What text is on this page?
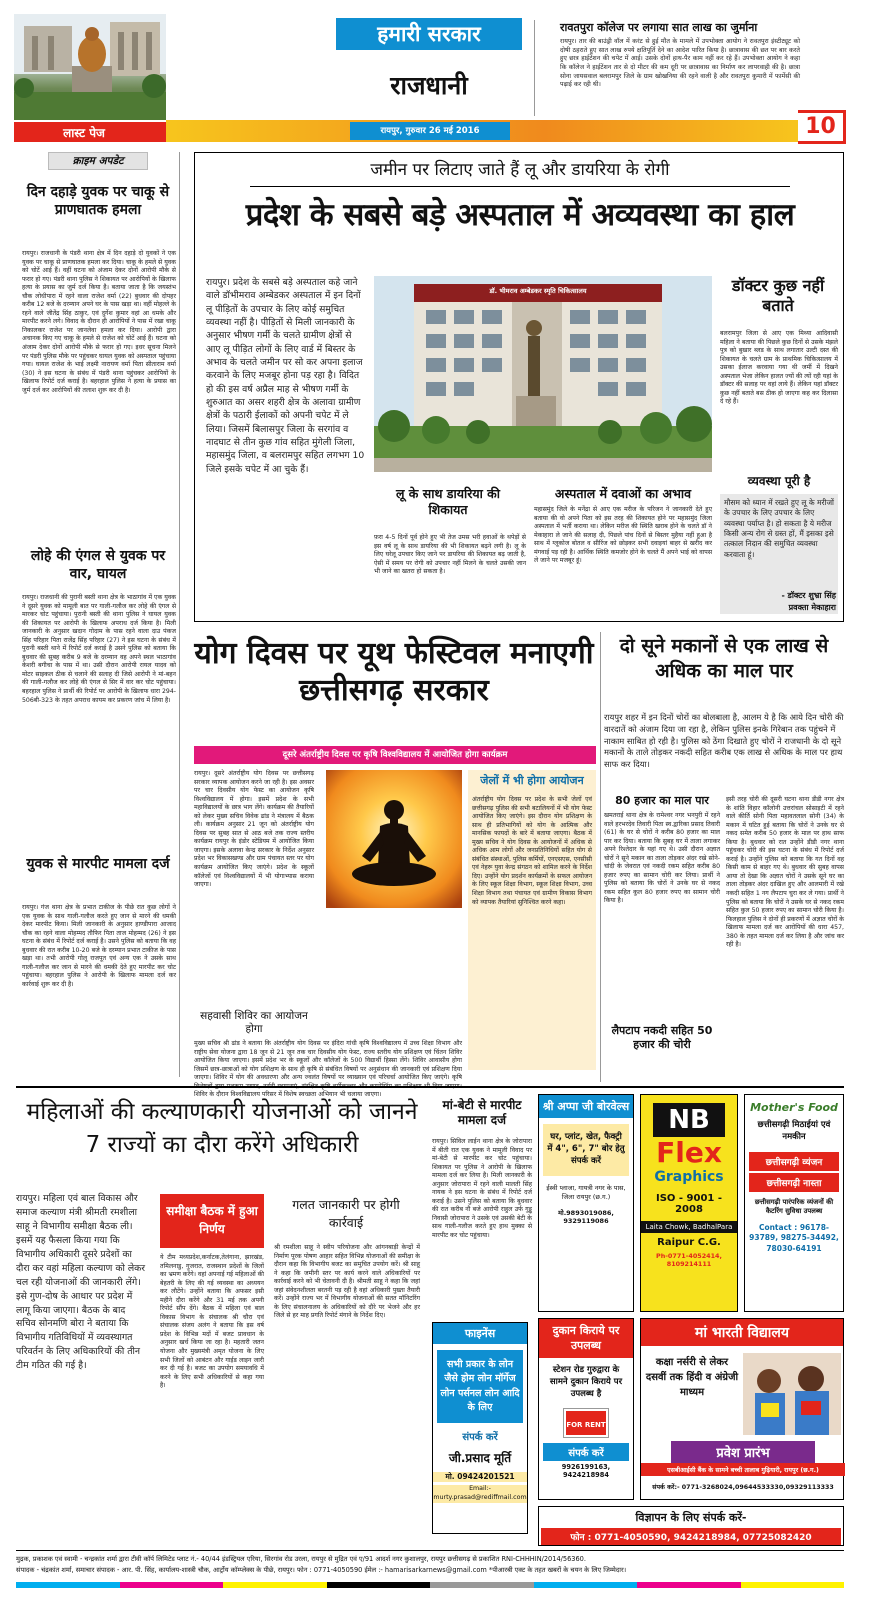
लास्ट पेज
हमारी सरकार
राजधानी
रायपुर, गुरुवार 26 मई 2016
रावतपुरा कॉलेज पर लगाया सात लाख का जुर्माना
रायपुर। तार की बाउंड्री वॉल में करंट से हुई मौत के मामले में उपभोक्ता आयोग ने रावतपुरा इंस्टीट्यूट को दोषी ठहराते हुए सात लाख रुपये क्षतिपूर्ति देने का आदेश पारित किया है। छात्रावास की छत पर बार करते हुए छात्र हाईटेंशन की चपेट में आई। उसके दोनों हाथ-पैर काम नहीं कर रहे हैं। उपभोक्ता आयोग ने कहा कि कॉलेज ने हाईटेंशन तार से दो मीटर की कम दूरी पर छात्रावास का निर्माण कर लापरवाही की है। छात्रा सोना जायसवाल बलरामपुर जिले के ग्राम खोखनिया की रहने वाली है और रावतपुरा कुमारी में फार्मेसी की पढ़ाई कर रही थी।
10
क्राइम अपडेट
दिन दहाड़े युवक पर चाकू से प्राणघातक हमला
रायपुर। राजधानी के पंडरी थाना क्षेत्र में दिन दहाड़े दो युवकों ने एक युवक पर चाकू से प्राणघातक हमला कर दिया। चाकू के हमले से युवक को चोटें आई हैं। वहीं घटना को अंजाम देकर दोनों आरोपी मौके से फरार हो गए। पंडरी थाना पुलिस ने शिकायत पर आरोपियों के खिलाफ हत्या के प्रयास का जुर्म दर्ज किया है। बताया जाता है कि जयस्तंभ चौक लोधीपारा में रहने वाला राजेश वर्मा (22) बुधवार की दोपहर करीब 12 बजे के दरम्यान अपने घर के पास खड़ा था। वहीं मोहल्ले के रहने वाले जीतेंद्र सिंह ठाकुर, एवं दुर्गेश कुमार वहां आ धमके और मारपीट करने लगे। विवाद के दौरान ही आरोपियों ने पास में रखा चाकू निकालकर राजेश पर जानलेवा हमला कर दिया। आरोपी द्वारा अचानक किए गए चाकू के हमले से राजेश को चोटें आई हैं। घटना को अंजाम देकर दोनों आरोपी मौके से फरार हो गए। इधर सूचना मिलने पर पंडरी पुलिस मौके पर पहुंचकर घायल युवक को अस्पताल पहुंचाया गया। घायल राजेश के भाई लक्ष्मी नारायण वर्मा पिता सीताराम वर्मा (30) ने इस घटना के संबंध में पंडरी थाना पहुंचकर आरोपियों के खिलाफ रिपोर्ट दर्ज कराई है। बहरहाल पुलिस ने हत्या के प्रयास का जुर्म दर्ज कर आरोपियों की तलाश शुरू कर दी है।
लोहे की एंगल से युवक पर वार, घायल
रायपुर। राजधानी की पुरानी बस्ती थाना क्षेत्र के भाठागांव में एक युवक ने दूसरे युवक को मामूली बात पर गाली-गलौज कर लोहे की एंगल से मारकर चोट पहुंचाया। पुरानी बस्ती की थाना पुलिस ने घायल युवक की शिकायत पर आरोपी के खिलाफ अपराध दर्ज किया है। मिली जानकारी के अनुसार खदान गोदाम के पास रहने वाला दाउ पंकज सिंह परिहार पिता राजेंद्र सिंह परिहार (27) ने इस घटना के संबंध में पुरानी बस्ती थाने में रिपोर्ट दर्ज कराई है उसने पुलिस को बताया कि बुधवार की सुबह करीब 9 बजे के दरम्यान वह अपने स्थल भाठागांव केशरी बगीचा के पास में था। उसी दौरान आरोपी रायल यादव को मोटर साइकल ठीक से चलाने की सलाह दी जिसे आरोपी ने मां-बहन की गाली-गलौज कर लोहे की एंगल से सिर में वार कर चोट पहुंचाया। बहरहाल पुलिस ने प्रार्थी की रिपोर्ट पर आरोपी के खिलाफ धारा 294-506बी-323 के तहत अपराध कायम कर प्रकरण जांच में लिया है।
युवक से मारपीट मामला दर्ज
रायपुर। गंज थाना क्षेत्र के प्रभात टाकीज के पीछे रात कुछ लोगों ने एक युवक के साथ गाली-गलौज करते हुए जान से मारने की धमकी देकर मारपीट किया। मिली जानकारी के अनुसार हाण्डीपारा आजाद चौक का रहने वाला मोहम्मद तौफिर पिता ताज मोहम्मद (26) ने इस घटना के संबंध में रिपोर्ट दर्ज कराई है। उसने पुलिस को बताया कि वह बुधवार की रात करीब 10-20 बजे के दरम्यान प्रभात टाकीज के पास खड़ा था। तभी आरोपी गोलू राजपूत एवं अन्य एक ने उसके साथ गाली-गलौज कर जान से मारने की धमकी देते हुए मारपीट कर चोट पहुंचाया। बहरहाल पुलिस ने आरोपी के खिलाफ मामला दर्ज कर कार्रवाई शुरू कर दी है।
जमीन पर लिटाए जाते हैं लू और डायरिया के रोगी
प्रदेश के सबसे बड़े अस्पताल में अव्यवस्था का हाल
रायपुर। प्रदेश के सबसे बड़े अस्पताल कहे जाने वाले डॉभीमराव अम्बेडकर अस्पताल में इन दिनों लू पीड़ितों के उपचार के लिए कोई समुचित व्यवस्था नहीं है। पीड़ितों से मिली जानकारी के अनुसार भीषण गर्मी के चलते ग्रामीण क्षेत्रों से आए लू पीड़ित लोगों के लिए वार्ड में बिस्तर के अभाव के चलते जमीन पर सो कर अपना इलाज करवाने के लिए मजबूर होना पड़ रहा है। विदित हो की इस वर्ष अप्रैल माह से भीषण गर्मी के शुरुआत का असर शहरी क्षेत्र के अलावा ग्रामीण क्षेत्रों के पठारी ईलाकों को अपनी चपेट में ले लिया। जिसमें बिलासपुर जिला के सरगांव व नादघाट से तीन कुछ गांव सहित मुंगेली जिला, महासमुंद जिला, व बलरामपुर सहित लगभग 10 जिले इसके चपेट में आ चुके हैं।
डॉ. भीमराव अम्बेडकर स्मृति चिकित्सालय
लू के साथ डायरिया की शिकायत
फ़रा 4-5 दिनों पूर्व होने हुए भी तेज उमस भरी हवाओं के थपेड़ों से इस वर्ष लू के साथ डायरिया की भी शिकायत बढ़ने लगी है। लू के लिए घरेलू उपचार किए जाने पर डायरिया की शिकायत बढ़ जाती है, ऐसी में समय पर रोगी को उपचार नहीं मिलने के चलते उसकी जान भी जाने का खतरा हो सकता है।
अस्पताल में दवाओं का अभाव
महासमुंद जिले के मनेंद्रा से आए एक मरीज के परिजन ने जानकारी देते हुए बताया की वो अपने पिता को इस तरह की शिकायत होने पर महासमुंद जिला अस्पताल में भर्ती कराया था। लेकिन मरीज की स्थिति खराब होने के चलते डॉ ने मेकाहारा ले जाने की सलाह दी, पिछले पांच दिनों से बिस्तर मुहैया नहीं हुआ है साथ में ग्लूकोज बोतल व सीरिंज को छोड़कर सभी दवाइयां बाहर से खरीद कर मंगवाई पड़ रही है। आर्थिक स्थिति कमजोर होने के चलते मैं अपने भाई को वापस ले जाने पर मजबूर हूं।
डॉक्टर कुछ नहीं बताते
बलरामपुर जिला से आए एक मिथ्या आदिवासी महिला ने बताया की पिछले कुछ दिनों से उसके मंझले पुत्र को बुखार ब्लड के साथ लगातार उल्टी दस्त की शिकायत के चलते ग्राम के प्राथमिक चिकित्सालय में उसका ईलाज करवाया गया थी जमीं में दिखने अस्पताल भेजा लेकिन हालत ज्यों की त्यों रही यहां के डॉक्टर की सलाह पर वहां लाये हैं। लेकिन यहां डॉक्टर कुछ नहीं बताते बस ठीक हो जाएगा कह कर दिलासा दे रहे हैं।
व्यवस्था पूरी है
मौसम को ध्यान में रखते हुए लू के मरीजों के उपचार के लिए उपचार के लिए व्यवस्था पर्याप्त है। हो सकता है ये मरीज किसी अन्य रोग से ग्रस्त हों, मैं इसका इसे तत्काल निदान की समुचित व्यवस्था करवाता हूं।
- डॉक्टर शुभ्रा सिंह
प्रवक्ता मेकाहारा
योग दिवस पर यूथ फेस्टिवल मनाएगी छत्तीसगढ़ सरकार
दूसरे अंतर्राष्ट्रीय दिवस पर कृषि विश्वविद्यालय में आयोजित होगा कार्यक्रम
रायपुर। दूसरे अंतर्राष्ट्रीय योग दिवस पर छत्तीसगढ़ सरकार व्यापक आयोजन करने जा रही है। इस अवसर पर चार दिवसीय योग फेस्ट का आयोजन कृषि विश्वविद्यालय में होगा। इसमें प्रदेश के सभी महाविद्यालयों के छात्र भाग लेंगे। कार्यक्रम की तैयारियों को लेकर मुख्य सचिव विवेक ढांड ने मंत्रालय में बैठक ली। कार्यक्रम अनुसार 21 जून को अंतर्राष्ट्रीय योग दिवस पर सुबह सात से आठ बजे तक राज्य स्तरीय कार्यक्रम रायपुर के इंडोर स्टेडियम में आयोजित किया जाएगा। इसके अलावा केन्द्र सरकार के निर्देश अनुसार प्रदेश भर विकासखण्ड और ग्राम पंचायत स्तर पर योग कार्यक्रम आयोजित किए जाएंगे। प्रदेश के स्कूलों कॉलेजों एवं विश्वविद्यालयों में भी योगाभ्यास कराया जाएगा।
सहवासी शिविर का आयोजन होगा
मुख्य सचिव श्री ढांड ने बताया कि अंतर्राष्ट्रीय योग दिवस पर इंदिरा गांधी कृषि विश्वविद्यालय में उच्च शिक्षा विभाग और राष्ट्रीय सेवा योजना द्वारा 18 जून से 21 जून तक चार दिवसीय योग फेस्ट, राज्य स्तरीय योग प्रशिक्षण एवं चिंतन शिविर आयोजित किया जाएगा। इसमें प्रदेश भर के स्कूलों और कॉलेजों के 500 विद्यार्थी हिस्सा लेंगे। शिविर आवासीय होगा जिसमें छात्र-छात्राओं को योग प्रशिक्षण के साथ ही कृषि से संबंधित विषयों पर अनुसंधान की जानकारी एवं प्रशिक्षण दिया जाएगा। शिविर में योग की अवधारणा और अन्य ज्वलंत विषयों पर व्याख्यान एवं परिचर्चा आयोजित किए जाएंगे। कृषि शिविर के दौरान विश्वविद्यालय परिसर में विशेष स्वच्छता अभियान भी चलाया जाएगा।
जेलों में भी होगा आयोजन
अंतर्राष्ट्रीय योग दिवस पर प्रदेश के सभी जेलों एवं छत्तीसगढ़ पुलिस की सभी बटालियनों में भी योग फेस्ट आयोजित किए जाएंगे। इस दौरान योग प्रशिक्षण के साथ ही प्रतिभागियों को योग के आत्मिक और मानसिक फायदों के बारे में बताया जाएगा। बैठक में मुख्य सचिव ने योग दिवस के आयोजनों में अधिक से अधिक आम लोगों और जनप्रतिनिधियों सहित योग से संबंधित संस्थाओं, पुलिस कर्मियों, एनएसएस, एनसीसी एवं नेहरू युवा केन्द्र संगठन को शामिल करने के निर्देश दिए। उन्होंने योग प्रदर्शन कार्यक्रमों के सफल आयोजन के लिए स्कूल शिक्षा विभाग, स्कूल शिक्षा विभाग, उच्च शिक्षा विभाग तथा पंचायत एवं ग्रामीण विकास विभाग को व्यापक तैयारियां सुनिश्चित करने कहा।
दो सूने मकानों से एक लाख से अधिक का माल पार
रायपुर शहर में इन दिनों चोरों का बोलबाला है, आलम ये है कि आये दिन चोरी की वारदातें को अंजाम दिया जा रहा है, लेकिन पुलिस इनके गिरेबान तक पहुंचने में नाकाम साबित हो रही है। पुलिस को ठेंगा दिखाते हुए चोरों ने राजधानी के दो सूने मकानों के ताले तोड़कर नकदी सहित करीब एक लाख से अधिक के माल पर हाथ साफ कर दिया।
80 हजार का माल पार
खमतराई थाना क्षेत्र के रामेश्वर नगर भनपुरी में रहने वाले हरभरदेव तिवारी पिता स्व.द्वारिका प्रसाद तिवारी (61) के घर से चोरों ने करीब 80 हजार का माल पार कर दिया। बताया कि सुबह घर में ताला लगाकर अपने रिश्तेदार के यहां गए थे। उसी दौरान अज्ञात चोरों ने सूने मकान का ताला तोड़कर अंदर रखे सोने-चांदी के जेवरात एवं नकदी रकम सहित करीब 80 हजार रुपए का सामान चोरी कर लिया। प्रार्थी ने पुलिस को बताया कि चोरों ने उनके घर से नकद रकम सहित कुल 80 हजार रुपए का सामान चोरी किया है।
लैपटाप नकदी सहित 50 हजार की चोरी
इसी तरह चोरी की दूसरी घटना थाना डीडी नगर क्षेत्र के शांति विहार कॉलोनी उत्तरांचल सोसाइटी में रहने वाले कीर्ति सोनी पिता महावतलाल सोनी (34) के मकान में घटित हुई बताया कि चोरों ने उनके घर से नकद समेत करीब 50 हजार के माल पर हाथ साफ किया है। बुधवार को रात उन्होंने डीडी नगर थाना पहुंचकर चोरी की इस घटना के संबंध में रिपोर्ट दर्ज कराई है। उन्होंने पुलिस को बताया कि गत दिनों वह किसी काम से बाहर गए थे। बुधवार की सुबह वापस आया तो देखा कि अज्ञात चोरों ने उसके सूने घर का ताला तोड़कर अंदर दाखिल हुए और आलमारी में रखे नकदी सहित 1 नग लैपटाप चुरा कर ले गया। प्रार्थी ने पुलिस को बताया कि चोरों ने उसके घर से नकद रकम सहित कुल 50 हजार रुपए का सामान चोरी किया है। फिलहाल पुलिस ने दोनों ही प्रकरणों में अज्ञात चोरों के खिलाफ मामला दर्ज कर आरोपियों की धारा 457, 380 के तहत मामला दर्ज कर लिया है और जांच कर रही है।
महिलाओं की कल्याणकारी योजनाओं को जानने 7 राज्यों का दौरा करेंगे अधिकारी
रायपुर। महिला एवं बाल विकास और समाज कल्याण मंत्री श्रीमती रमशीला साहू ने विभागीय समीक्षा बैठक ली। इसमें यह फैसला किया गया कि विभागीय अधिकारी दूसरे प्रदेशों का दौरा कर वहां महिला कल्याण को लेकर चल रही योजनाओं की जानकारी लेंगे। इसे गुण-दोष के आधार पर प्रदेश में लागू किया जाएगा। बैठक के बाद सचिव सोनमणि बोरा ने बताया कि विभागीय गतिविधियों में व्यवस्थागत परिवर्तन के लिए अधिकारियों की तीन टीम गठित की गई है।
समीक्षा बैठक में हुआ निर्णय
ये टीम मध्यप्रदेश,कर्नाटक,तेलंगाना, झारखंड, तमिलनाडु, गुजरात, राजस्थान प्रदेशों के जिलों का भ्रमण करेंगे। वहां अपनाई गई महिलाओं की बेहतरी के लिए की गई व्यवस्था का अध्ययन कर लौटेंगे। उन्होंने बताया कि अफसर इसी महीने दौरा करेंगे और 31 मई तक अपनी रिपोर्ट सौंप देंगे। बैठक में महिला एवं बाल विकास विभाग के संचालक श्री चौरा एवं संचालक संजय अलंग ने बताया कि इस वर्ष प्रदेश के विभिन्न मदों में बजट प्रावधान के अनुसार खर्च किया जा रहा है। महतारी जतन योजना और मुख्यमंत्री अमृत योजना के लिए सभी जिलों को आबंटन और गाईड लाइन जारी कर दी गई है। बजट का उपयोग समयावधि में करने के लिए सभी अधिकारियों से कहा गया है।
गलत जानकारी पर होगी कार्रवाई
श्री रमशीला साहू ने स्वीप परियोजना और आंगनबाड़ी केन्द्रों में निर्माण पूरक पोषण आहार सहित विभिन्न योजनाओं की समीक्षा के दौरान कहा कि विभागीय बजट का समुचित उपयोग करें। श्री साहू ने कहा कि जमीनी स्तर पर कार्य करने वाले अधिकारियों पर कार्रवाई करने को भी चेतावनी दी है। श्रीमती साहू ने कहा कि जहां जहां संवेदनशीलता बरतनी पड़ रही है वहां अधिकारी पुख्ता तैयारी करें। उन्होंने राज्य भर में विभागीय योजनाओं की सतत मॉनिटरिंग के लिए संचालनालय के अधिकारियों को दौरे पर भेजने और हर जिले से हर माह प्रगति रिपोर्ट मंगाने के निर्देश दिए।
मां-बेटी से मारपीट मामला दर्ज
रायपुर। सिविल लाईन थाना क्षेत्र के जोरापारा में बीती रात एक युवक ने मामूली विवाद पर मां-बेटी से मारपीट कर चोट पहुंचाया। शिकायत पर पुलिस ने आरोपी के खिलाफ मामला दर्ज कर लिया है। मिली जानकारी के अनुसार जोरापारा में रहने वाली मालती सिंह नायक ने इस घटना के संबंध में रिपोर्ट दर्ज कराई है। उसने पुलिस को बताया कि बुधवार की रात करीब नौ बजे आरोपी राहुल उर्फ गुड्डू निवासी जोरापारा ने उसके एवं उसकी बेटी के साथ गाली-गलौज करते हुए हाथ मुक्का से मारपीट कर चोट पहुंचाया।
श्री अप्पा जी बोरवेल्स
घर, प्लांट, खेत, फैक्ट्री में 4", 6", 7" बोर हेतु संपर्क करें
ईस्वी प्लाजा, गायत्री नगर के पास, जिला रायपुर (छ.ग.)
मो.9893019086, 9329119086
NB
Flex
Graphics
ISO - 9001 - 2008
Laita Chowk, BadhalPara
Raipur C.G.
Ph-0771-4052414, 8109214111
Mother's Food
छत्तीसगढ़ी मिठाईयां एवं नमकीन
छत्तीसगढ़ी व्यंजन
छत्तीसगढ़ी नास्ता
छत्तीसगढ़ी पारंपरिक व्यंजनों की कैटरिंग सुविधा उपलब्ध
Contact : 96178-93789, 98275-34492, 78030-64191
फाइनेंस
सभी प्रकार के लोन जैसे होम लोन मॉर्गेज लोन पर्सनल लोन आदि के लिए
संपर्क करें
जी.प्रसाद मूर्ति
मो. 09424201521
Email:- murty.prasad@rediffmail.com
दुकान किराये पर उपलब्ध
स्टेशन रोड गुरुद्वारा के सामने दुकान किराये पर उपलब्ध है
FOR RENT
संपर्क करें
9926199163, 9424218984
मां भारती विद्यालय
कक्षा नर्सरी से लेकर दसवीं तक हिंदी व अंग्रेजी माध्यम
प्रवेश प्रारंभ
एसबीआईसी बैंक के सामने बच्ची तालाब गुढ़ियारी, रायपुर (छ.ग.)
संपर्क करें:- 0771-3268024,09644533330,09329113333
विज्ञापन के लिए संपर्क करें-
फोन : 0771-4050590, 9424218984, 07725082420
मुद्रक, प्रकाशक एवं स्वामी - चन्द्रकांत शर्मा द्वारा टीवी कॉर्प लिमिटेड प्लाट नं.- 40/44 इंडस्ट्रियल एरिया, सिरगांव रोड उरला, रायपुर से मुद्रित एवं ए/91 आदर्श नगर कुशालपुर, रायपुर छत्तीसगढ़ से प्रकाशित RNI-CHHHIN/2014/56360.
संपादक - चंद्रकांत शर्मा, समाचार संपादक - आर. पी. सिंह, कार्यालय-शास्त्री चौक, आर्ट्रोय कॉम्प्लेक्स के पीछे, रायपुर। फोन : 0771-4050590 ईमेल :- hamarisarkarnews@gmail.com *पीआरबी एक्ट के तहत खबरों के चयन के लिए जिम्मेदार।
